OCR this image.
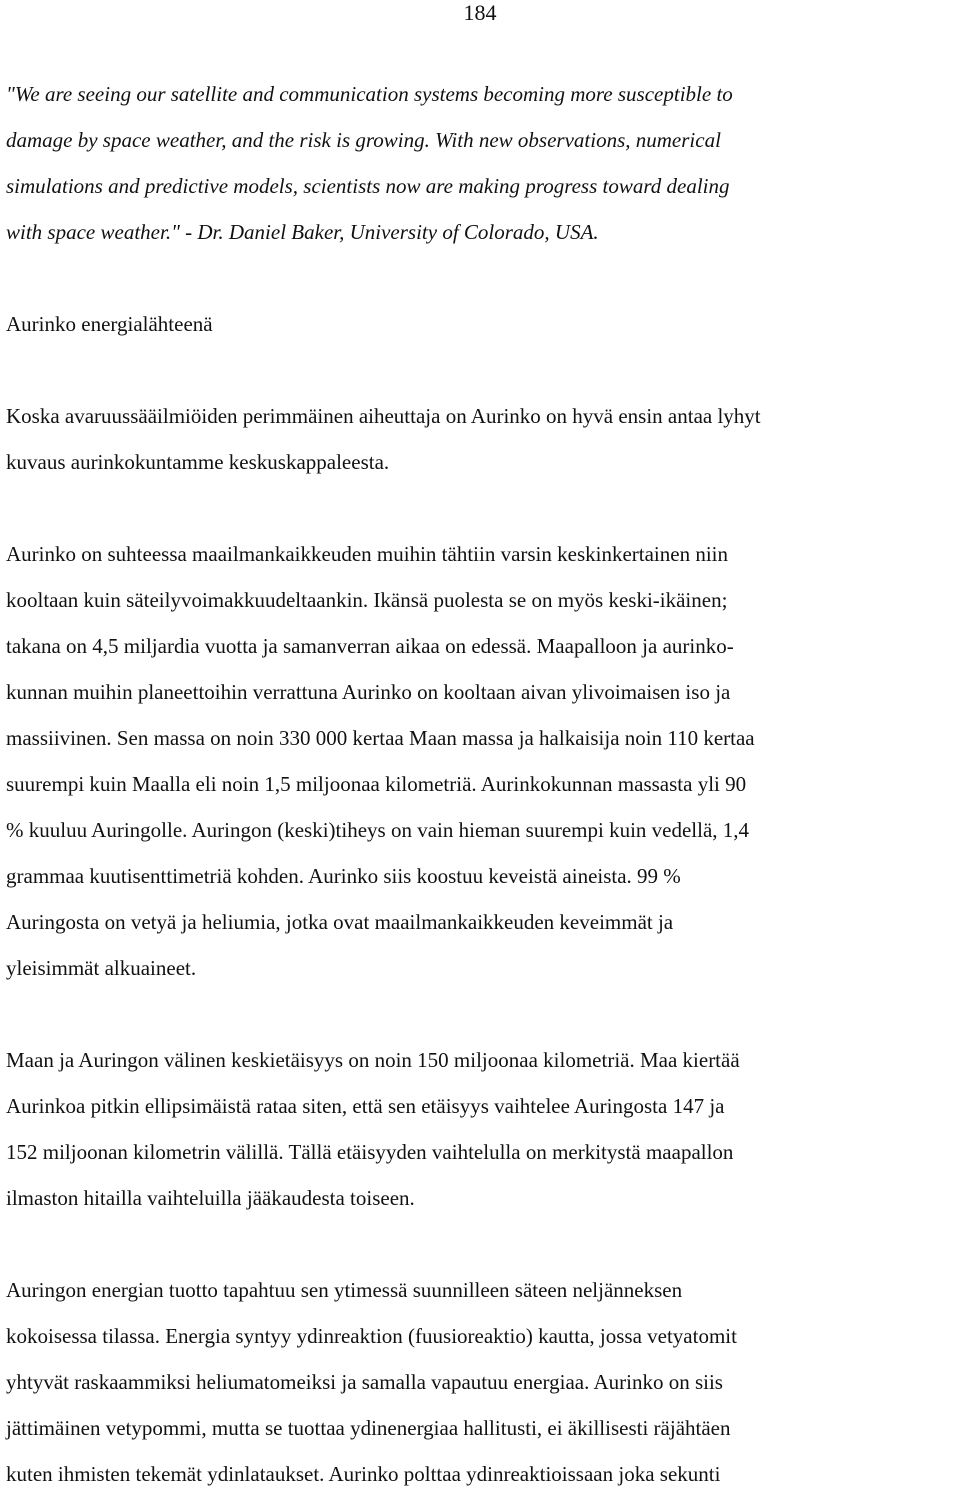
184
"We are seeing our satellite and communication systems becoming more susceptible to
damage by space weather, and the risk is growing. With new observations, numerical
simulations and predictive models, scientists now are making progress toward dealing
with space weather." - Dr. Daniel Baker, University of Colorado, USA.
Aurinko energialähteenä
Koska avaruussääilmiöiden perimmäinen aiheuttaja on Aurinko on hyvä ensin antaa lyhyt
kuvaus aurinkokuntamme keskuskappaleesta.
Aurinko on suhteessa maailmankaikkeuden muihin tähtiin varsin keskinkertainen niin
kooltaan kuin säteilyvoimakkuudeltaankin. Ikänsä puolesta se on myös keski-ikäinen;
takana on 4,5 miljardia vuotta ja samanverran aikaa on edessä. Maapalloon ja aurinko-
kunnan muihin planeettoihin verrattuna Aurinko on kooltaan aivan ylivoimaisen iso ja
massiivinen. Sen massa on noin 330 000 kertaa Maan massa ja halkaisija noin 110 kertaa
suurempi kuin Maalla eli noin 1,5 miljoonaa kilometriä. Aurinkokunnan massasta yli 90
% kuuluu Auringolle. Auringon (keski)tiheys on vain hieman suurempi kuin vedellä, 1,4
grammaa kuutisenttimetriä kohden. Aurinko siis koostuu keveistä aineista. 99 %
Auringosta on vetyä ja heliumia, jotka ovat maailmankaikkeuden keveimmät ja
yleisimmät alkuaineet.
Maan ja Auringon välinen keskietäisyys on noin 150 miljoonaa kilometriä. Maa kiertää
Aurinkoa pitkin ellipsimäistä rataa siten, että sen etäisyys vaihtelee Auringosta 147 ja
152 miljoonan kilometrin välillä. Tällä etäisyyden vaihtelulla on merkitystä maapallon
ilmaston hitailla vaihteluilla jääkaudesta toiseen.
Auringon energian tuotto tapahtuu sen ytimessä suunnilleen säteen neljänneksen
kokoisessa tilassa. Energia syntyy ydinreaktion (fuusioreaktio) kautta, jossa vetyatomit
yhtyvät raskaammiksi heliumatomeiksi ja samalla vapautuu energiaa. Aurinko on siis
jättimäinen vetypommi, mutta se tuottaa ydinenergiaa hallitusti, ei äkillisesti räjähtäen
kuten ihmisten tekemät ydinlataukset. Aurinko polttaa ydinreaktioissaan joka sekunti
